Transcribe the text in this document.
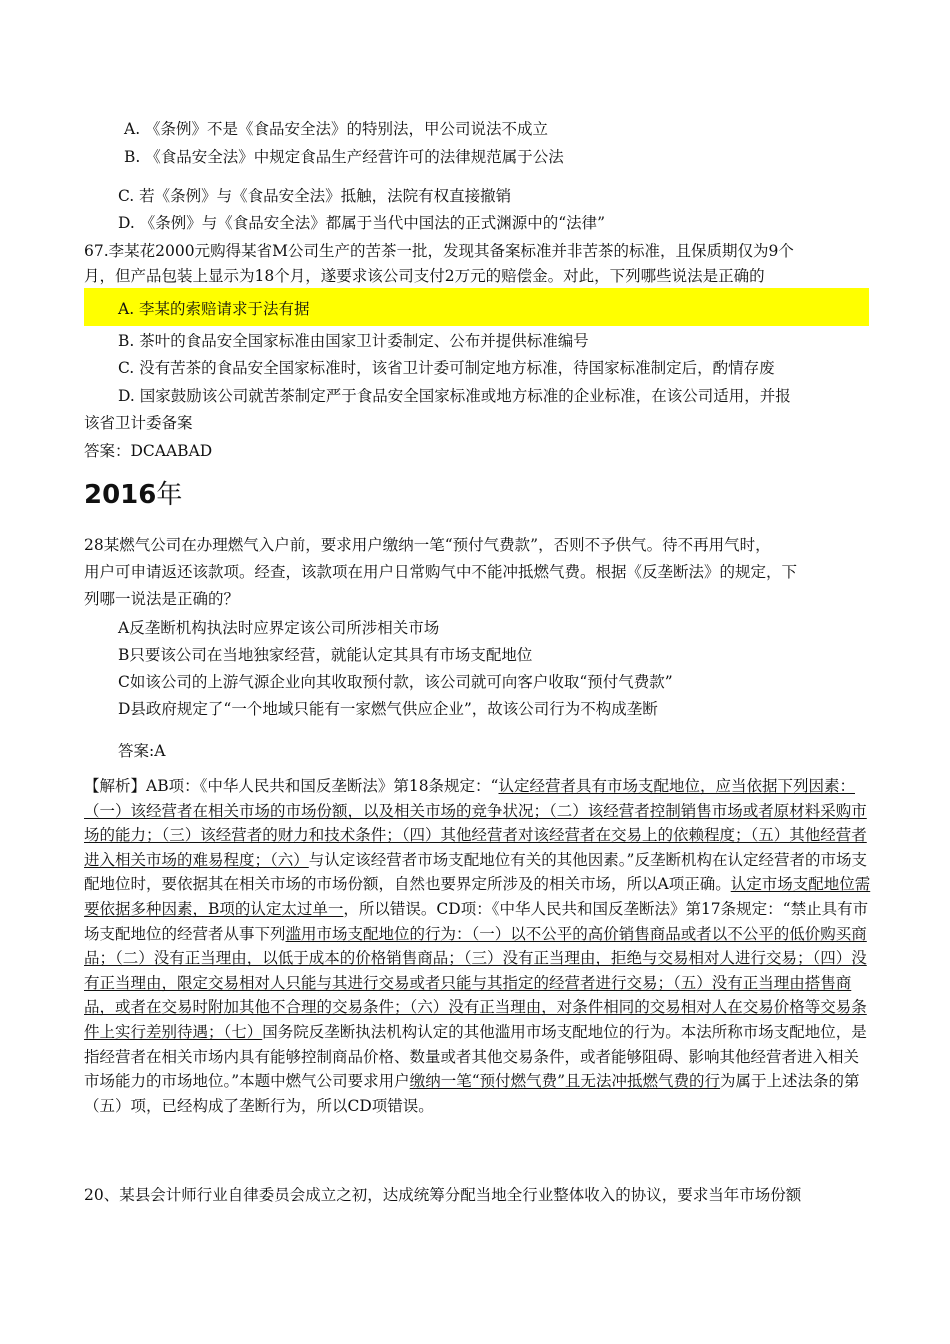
A. 《条例》不是《食品安全法》的特别法，甲公司说法不成立
B. 《食品安全法》中规定食品生产经营许可的法律规范属于公法
C. 若《条例》与《食品安全法》抵触，法院有权直接撤销
D. 《条例》与《食品安全法》都属于当代中国法的正式渊源中的“法律”
67.李某花2000元购得某省M公司生产的苦茶一批，发现其备案标准并非苦茶的标准，且保质期仅为9个
月，但产品包装上显示为18个月，遂要求该公司支付2万元的赔偿金。对此，下列哪些说法是正确的
A. 李某的索赔请求于法有据
B. 茶叶的食品安全国家标准由国家卫计委制定、公布并提供标准编号
C. 没有苦茶的食品安全国家标准时，该省卫计委可制定地方标准，待国家标准制定后，酌情存废
D. 国家鼓励该公司就苦茶制定严于食品安全国家标准或地方标准的企业标准，在该公司适用，并报
该省卫计委备案
答案：DCAABAD
2016年
28某燃气公司在办理燃气入户前，要求用户缴纳一笔“预付气费款”，否则不予供气。待不再用气时，
用户可申请返还该款项。经查，该款项在用户日常购气中不能冲抵燃气费。根据《反垄断法》的规定，下
列哪一说法是正确的？
A反垄断机构执法时应界定该公司所涉相关市场
B只要该公司在当地独家经营，就能认定其具有市场支配地位
C如该公司的上游气源企业向其收取预付款，该公司就可向客户收取“预付气费款”
D县政府规定了“一个地域只能有一家燃气供应企业”，故该公司行为不构成垄断
答案:A
【解析】AB项：《中华人民共和国反垄断法》第18条规定：“认定经营者具有市场支配地位，应当依据下列因素：（一）该经营者在相关市场的市场份额，以及相关市场的竞争状况；（二）该经营者控制销售市场或者原材料采购市场的能力；（三）该经营者的财力和技术条件；（四）其他经营者对该经营者在交易上的依赖程度；（五）其他经营者进入相关市场的难易程度；（六）与认定该经营者市场支配地位有关的其他因素。”反垄断机构在认定经营者的市场支配地位时，要依据其在相关市场的市场份额，自然也要界定所涉及的相关市场，所以A项正确。认定市场支配地位需要依据多种因素，B项的认定太过单一，所以错误。CD项：《中华人民共和国反垄断法》第17条规定：“禁止具有市场支配地位的经营者从事下列滥用市场支配地位的行为：（一）以不公平的高价销售商品或者以不公平的低价购买商品；（二）没有正当理由，以低于成本的价格销售商品；（三）没有正当理由，拒绝与交易相对人进行交易；（四）没有正当理由，限定交易相对人只能与其进行交易或者只能与其指定的经营者进行交易；（五）没有正当理由搭售商品，或者在交易时附加其他不合理的交易条件；（六）没有正当理由，对条件相同的交易相对人在交易价格等交易条件上实行差别待遇；（七）国务院反垄断执法机构认定的其他滥用市场支配地位的行为。本法所称市场支配地位，是指经营者在相关市场内具有能够控制商品价格、数量或者其他交易条件，或者能够阻碍、影响其他经营者进入相关市场能力的市场地位。”本题中燃气公司要求用户缴纳一笔“预付燃气费”且无法冲抵燃气费的行为属于上述法条的第（五）项，已经构成了垄断行为，所以CD项错误。
20、某县会计师行业自律委员会成立之初，达成统筹分配当地全行业整体收入的协议，要求当年市场份额
